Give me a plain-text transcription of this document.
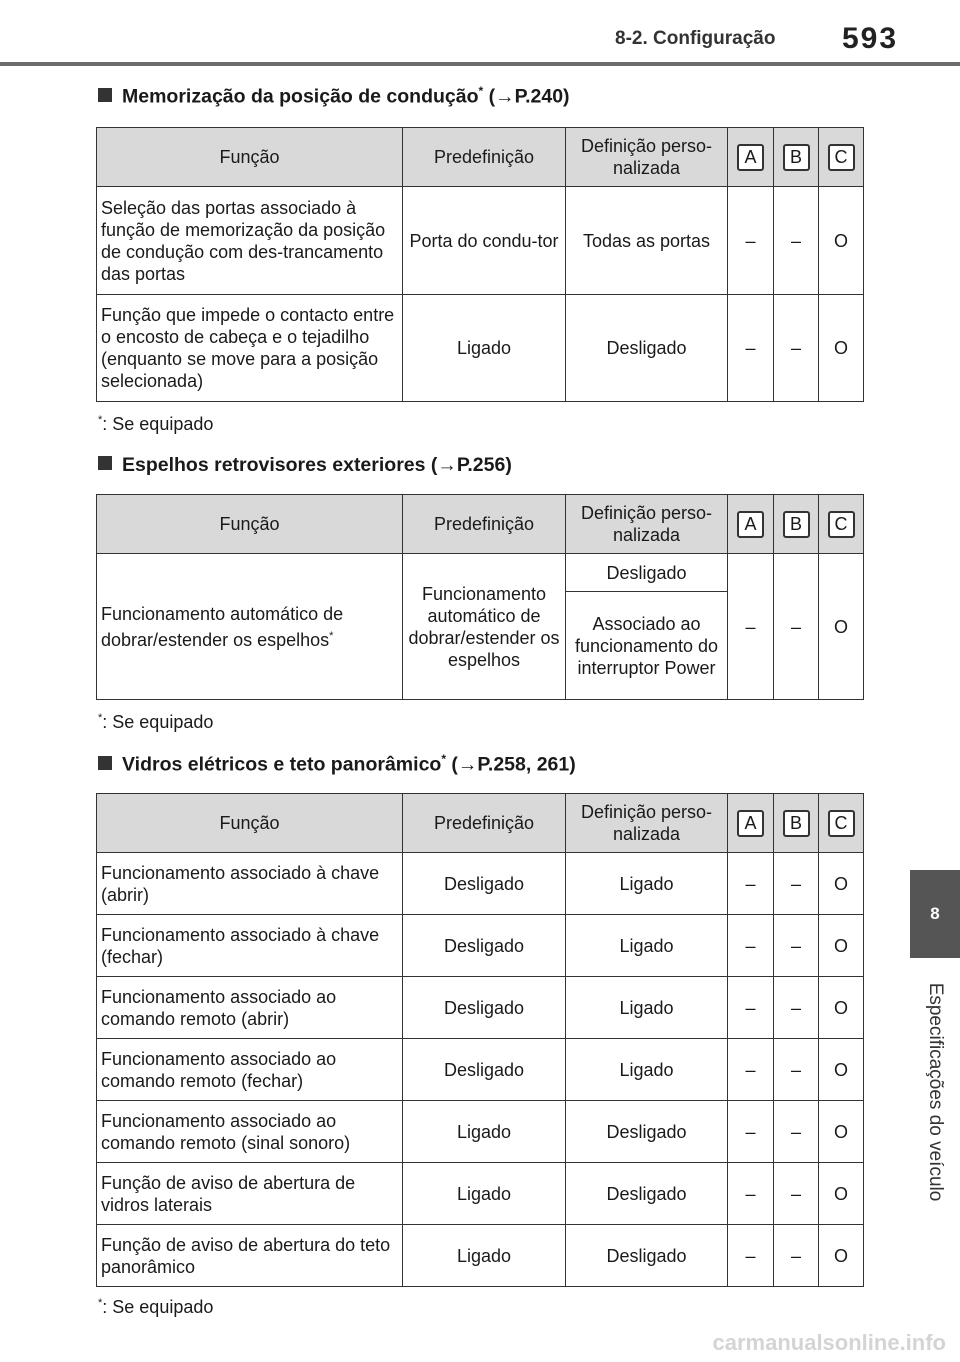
8-2. Configuração 593
8
Especificações do veículo
Memorização da posição de condução* (→P.240)
Função	Predefinição	Definição perso-nalizada	A	B	C
Seleção das portas associado à função de memorização da posição de condução com des-trancamento das portas	Porta do condu-tor	Todas as portas	–	–	O
Função que impede o contacto entre o encosto de cabeça e o tejadilho (enquanto se move para a posição selecionada)	Ligado	Desligado	–	–	O
*: Se equipado
Espelhos retrovisores exteriores (→P.256)
Função	Predefinição	Definição perso-nalizada	A	B	C
Funcionamento automático de dobrar/estender os espelhos*	Funcionamento automático de dobrar/estender os espelhos	Desligado	–	–	O
		Associado ao funcionamento do interruptor Power			
*: Se equipado
Vidros elétricos e teto panorâmico* (→P.258, 261)
Função	Predefinição	Definição perso-nalizada	A	B	C
Funcionamento associado à chave (abrir)	Desligado	Ligado	–	–	O
Funcionamento associado à chave (fechar)	Desligado	Ligado	–	–	O
Funcionamento associado ao comando remoto (abrir)	Desligado	Ligado	–	–	O
Funcionamento associado ao comando remoto (fechar)	Desligado	Ligado	–	–	O
Funcionamento associado ao comando remoto (sinal sonoro)	Ligado	Desligado	–	–	O
Função de aviso de abertura de vidros laterais	Ligado	Desligado	–	–	O
Função de aviso de abertura do teto panorâmico	Ligado	Desligado	–	–	O
*: Se equipado
carmanualsonline.info
